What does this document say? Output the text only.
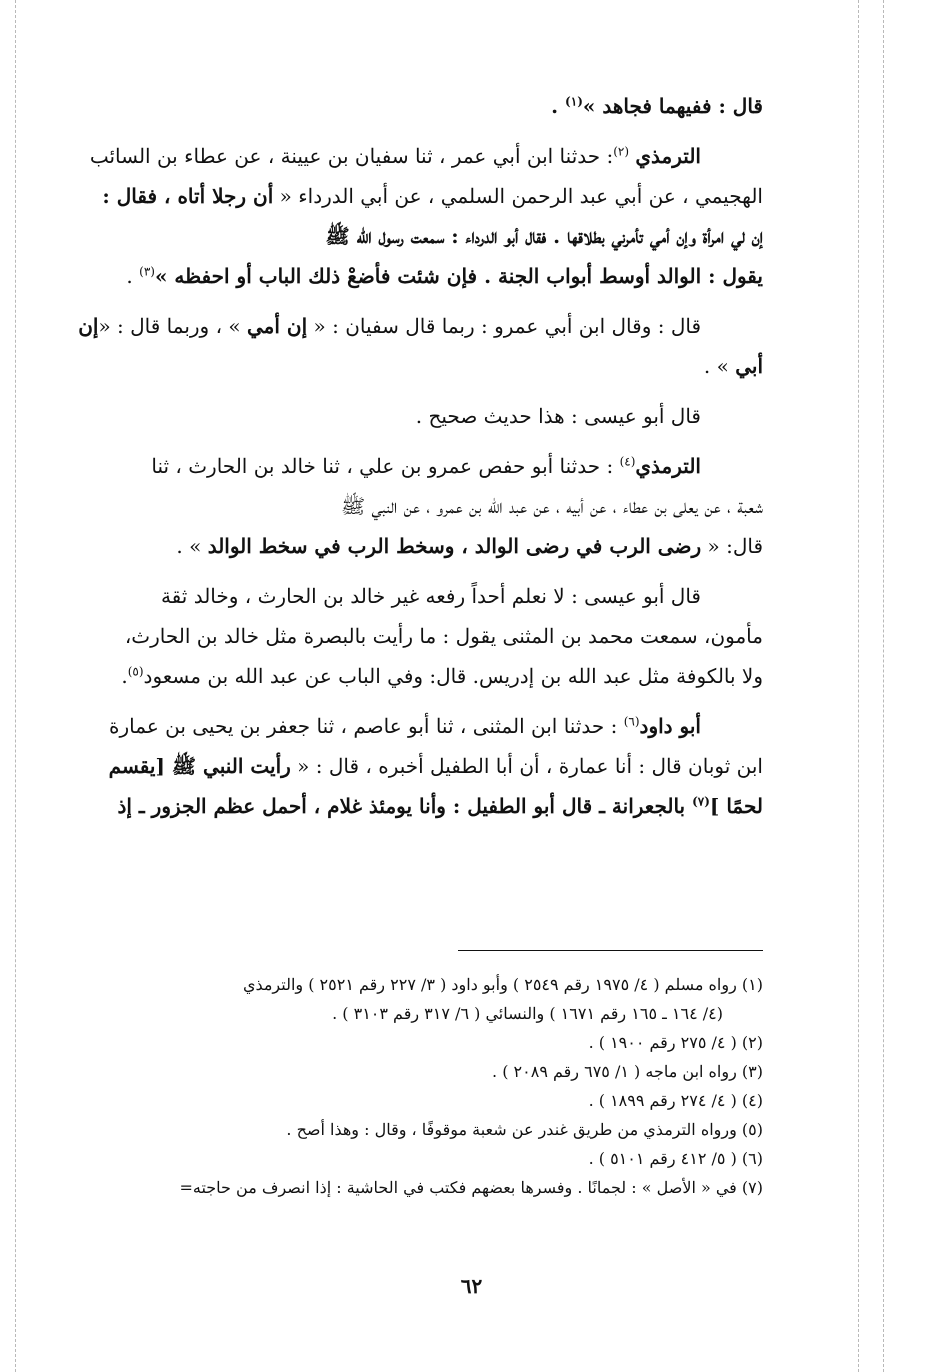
قال : ففيهما فجاهد »$^{(١)}$ .
الترمذي $^{(٢)}$: حدثنا ابن أبي عمر ، ثنا سفيان بن عيينة ، عن عطاء بن السائب
الهجيمي ، عن أبي عبد الرحمن السلمي ، عن أبي الدرداء « أن رجلا أتاه ، فقال :
إن لي امرأة وإن أمي تأمرني بطلاقها . فقال أبو الدرداء : سمعت رسول الله ﷺ
يقول : الوالد أوسط أبواب الجنة . فإن شئت فأضعْ ذلك الباب أو احفظه »$^{(٣)}$ .
قال : وقال ابن أبي عمرو : ربما قال سفيان : « إن أمي » ، وربما قال : «إن
أبي » .
قال أبو عيسى : هذا حديث صحيح .
الترمذي$^{(٤)}$ : حدثنا أبو حفص عمرو بن علي ، ثنا خالد بن الحارث ، ثنا
شعبة ، عن يعلى بن عطاء ، عن أبيه ، عن عبد الله بن عمرو ، عن النبي ﷺ
قال: « رضى الرب في رضى الوالد ، وسخط الرب في سخط الوالد » .
قال أبو عيسى : لا نعلم أحداً رفعه غير خالد بن الحارث ، وخالد ثقة
مأمون، سمعت محمد بن المثنى يقول : ما رأيت بالبصرة مثل خالد بن الحارث،
ولا بالكوفة مثل عبد الله بن إدريس. قال: وفي الباب عن عبد الله بن مسعود$^{(٥)}$.
أبو داود$^{(٦)}$ : حدثنا ابن المثنى ، ثنا أبو عاصم ، ثنا جعفر بن يحيى بن عمارة
ابن ثوبان قال : أنا عمارة ، أن أبا الطفيل أخبره ، قال : « رأيت النبي ﷺ [يقسم
لحمًا ]$^{(٧)}$ بالجعرانة ـ قال أبو الطفيل : وأنا يومئذ غلام ، أحمل عظم الجزور ـ إذ
(١) رواه مسلم ( ٤/ ١٩٧٥ رقم ٢٥٤٩ ) وأبو داود ( ٣/ ٢٢٧ رقم ٢٥٢١ ) والترمذي
(٤/ ١٦٤ ـ ١٦٥ رقم ١٦٧١ ) والنسائي ( ٦/ ٣١٧ رقم ٣١٠٣ ) .
(٢) ( ٤/ ٢٧٥ رقم ١٩٠٠ ) .
(٣) رواه ابن ماجه ( ١/ ٦٧٥ رقم ٢٠٨٩ ) .
(٤) ( ٤/ ٢٧٤ رقم ١٨٩٩ ) .
(٥) ورواه الترمذي من طريق غندر عن شعبة موقوفًا ، وقال : وهذا أصح .
(٦) ( ٥/ ٤١٢ رقم ٥١٠١ ) .
(٧) في « الأصل » : لجمانًا . وفسرها بعضهم فكتب في الحاشية : إذا انصرف من حاجته=
٦٢
